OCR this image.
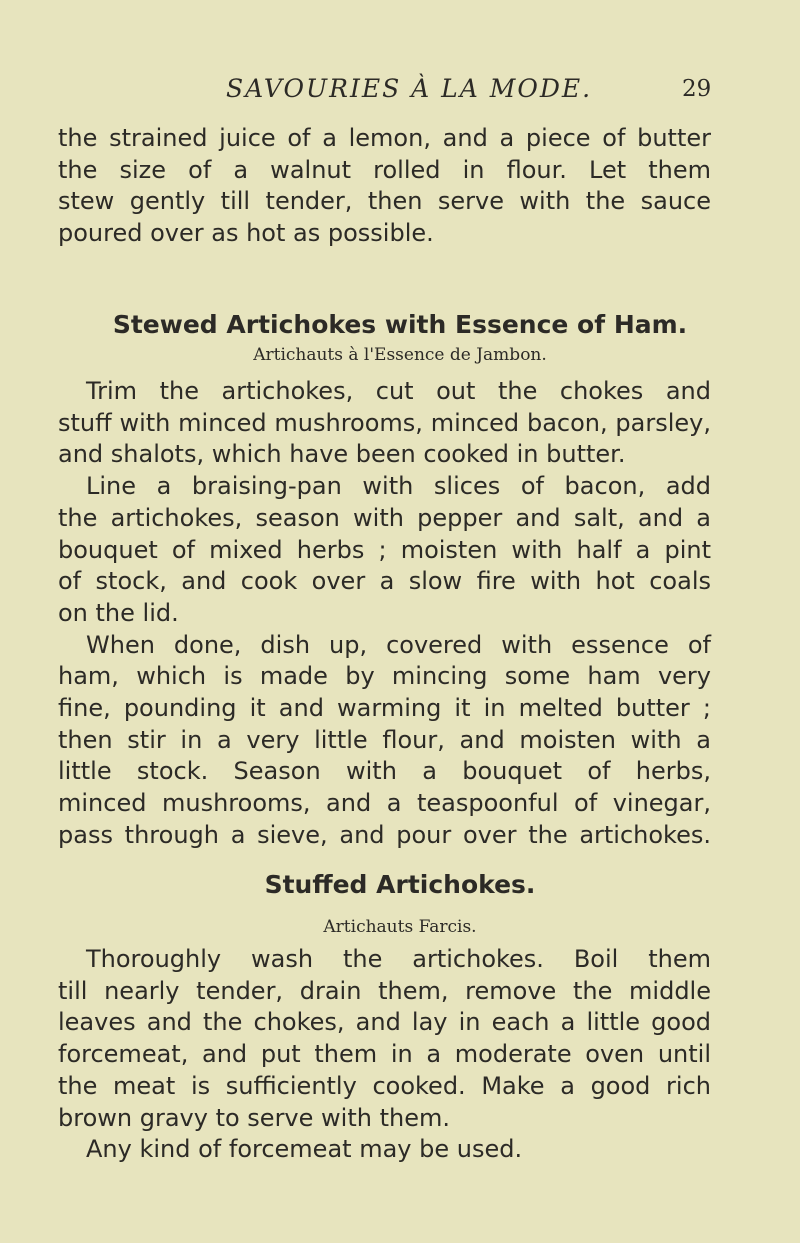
SAVOURIES À LA MODE.	29
the strained juice of a lemon, and a piece of butter
the size of a walnut rolled in flour. Let them
stew gently till tender, then serve with the sauce
poured over as hot as possible.
Stewed Artichokes with Essence of Ham.
Artichauts à l'Essence de Jambon.
Trim the artichokes, cut out the chokes and
stuff with minced mushrooms, minced bacon, parsley,
and shalots, which have been cooked in butter.
Line a braising-pan with slices of bacon, add
the artichokes, season with pepper and salt, and a
bouquet of mixed herbs ; moisten with half a pint
of stock, and cook over a slow fire with hot coals
on the lid.
When done, dish up, covered with essence of
ham, which is made by mincing some ham very
fine, pounding it and warming it in melted butter ;
then stir in a very little flour, and moisten with a
little stock. Season with a bouquet of herbs,
minced mushrooms, and a teaspoonful of vinegar,
pass through a sieve, and pour over the artichokes.
Stuffed Artichokes.
Artichauts Farcis.
Thoroughly wash the artichokes. Boil them
till nearly tender, drain them, remove the middle
leaves and the chokes, and lay in each a little good
forcemeat, and put them in a moderate oven until
the meat is sufficiently cooked. Make a good rich
brown gravy to serve with them.
Any kind of forcemeat may be used.
